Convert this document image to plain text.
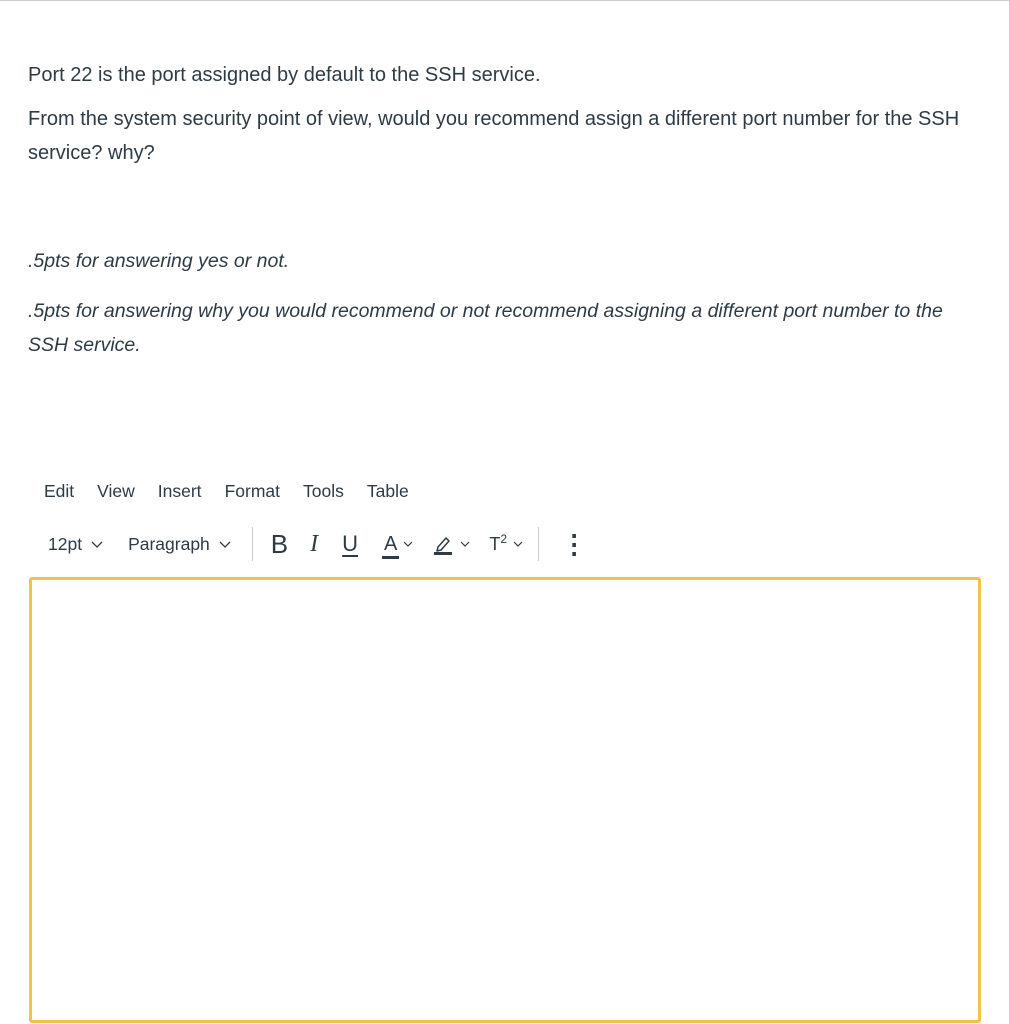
Port 22 is the port assigned by default to the SSH service.

From the system security point of view, would you recommend assign a different port number for the SSH service? why?

.5pts for answering yes or not.

.5pts for answering why you would recommend or not recommend assigning a different port number to the SSH service.

Edit	View	Insert	Format	Tools	Table
12pt	Paragraph B I U A	$T^2$ ⋮
